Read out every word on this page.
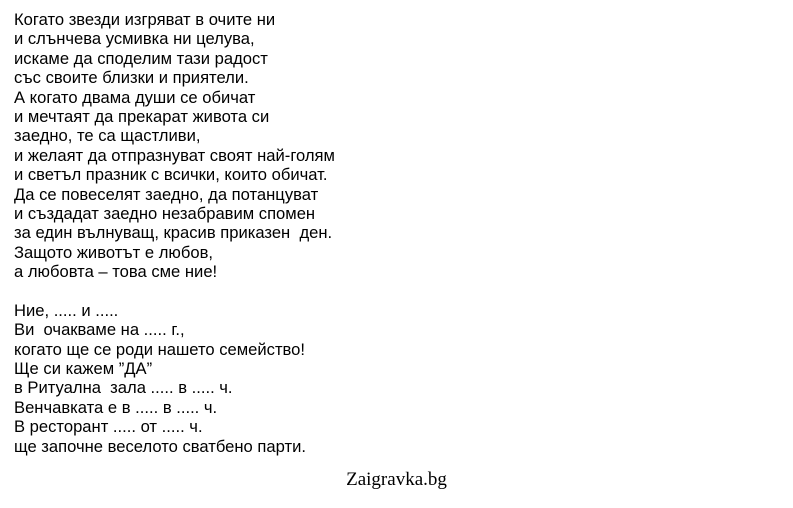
Когато звезди изгряват в очите ни

и слънчева усмивка ни целува,

искаме да споделим тази радост

със своите близки и приятели.

А когато двама души се обичат

и мечтаят да прекарат живота си

заедно, те са щастливи,

и желаят да отпразнуват своят най-голям

и светъл празник с всички, които обичат.

Да се повеселят заедно, да потанцуват

и създадат заедно незабравим спомен

за един вълнуващ, красив приказен  ден.

Защото животът е любов,

а любовта – това сме ние!

Ние, ..... и .....

Ви  очакваме на ..... г.,

когато ще се роди нашето семейство!

Ще си кажем ”ДА”

в Ритуална  зала ..... в ..... ч.

Венчавката е в ..... в ..... ч.

В ресторант ..... от ..... ч.

ще започне веселото сватбено парти.

Zaigravka.bg
